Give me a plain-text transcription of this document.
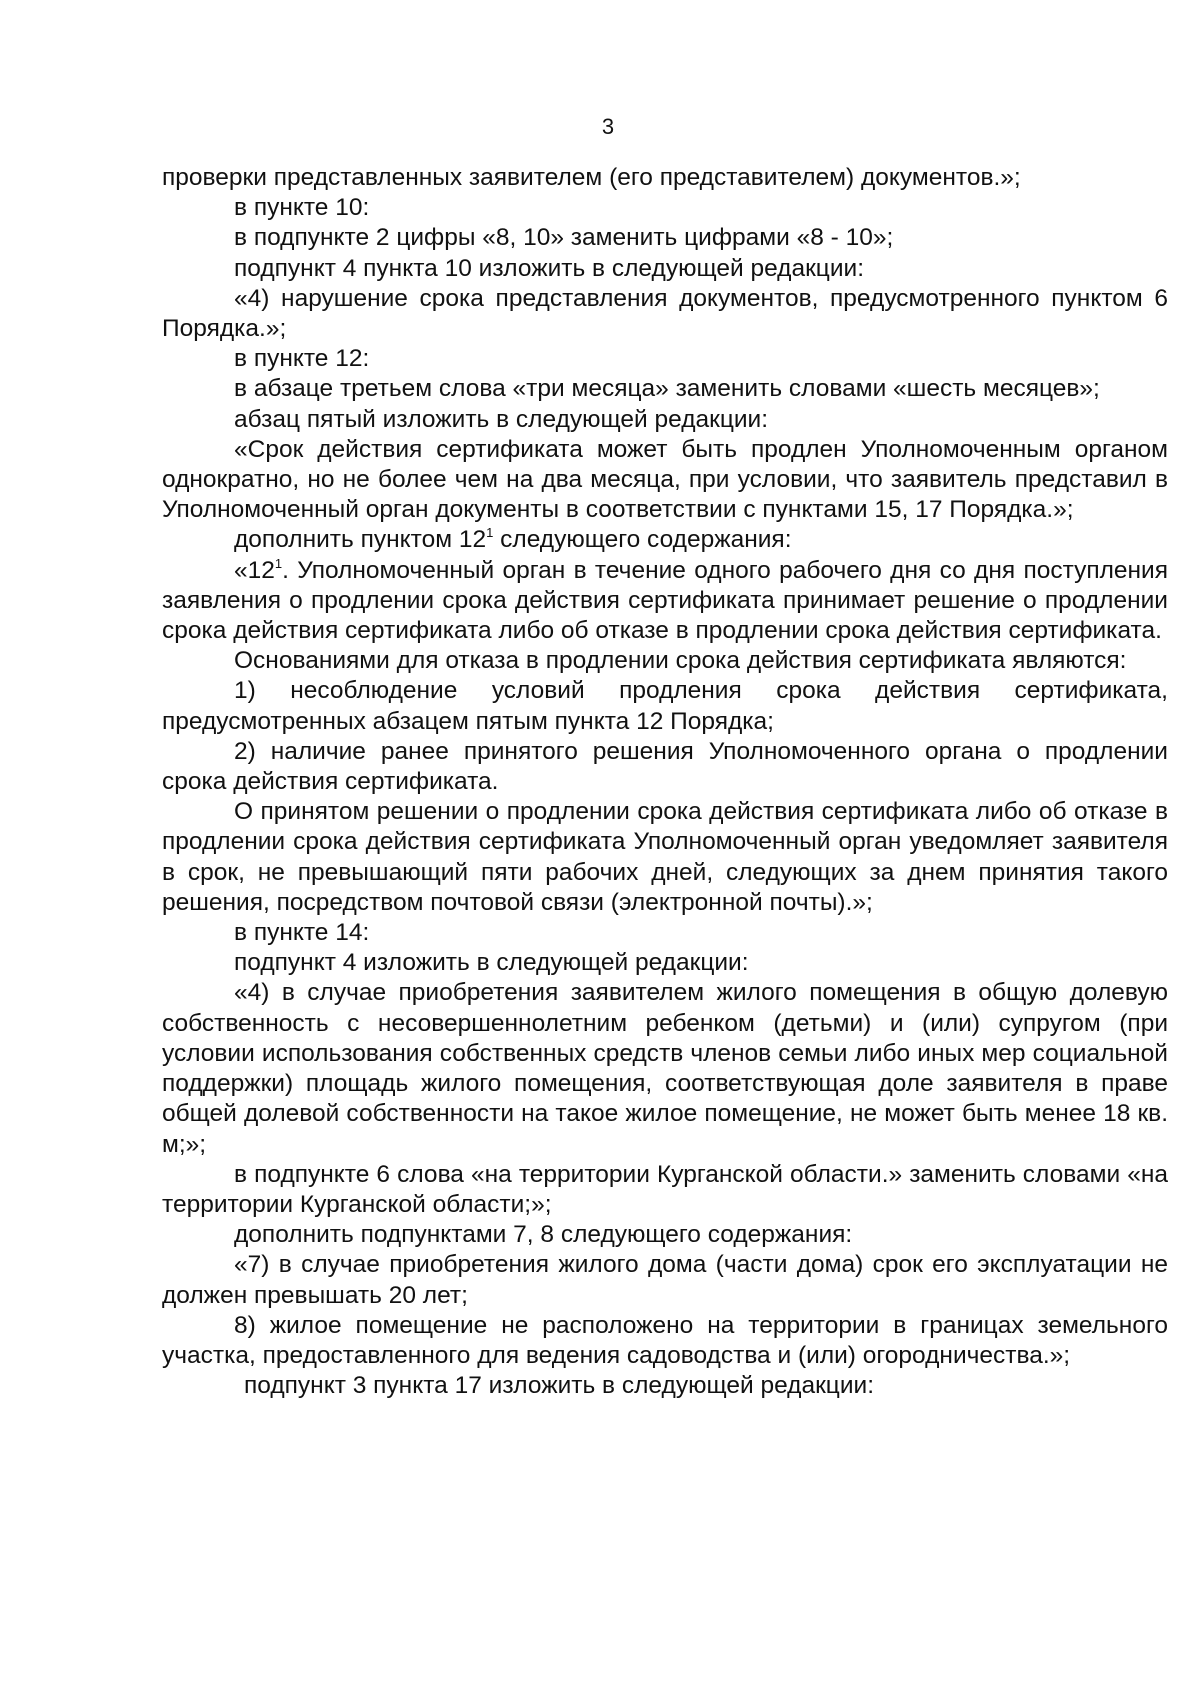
3

проверки представленных заявителем (его представителем) документов.»;

в пункте 10:

в подпункте 2 цифры «8, 10» заменить цифрами «8 - 10»;

подпункт 4 пункта 10 изложить в следующей редакции:

«4) нарушение срока представления документов, предусмотренного пунктом 6 Порядка.»;

в пункте 12:

в абзаце третьем слова «три месяца» заменить словами «шесть месяцев»;

абзац пятый изложить в следующей редакции:

«Срок действия сертификата может быть продлен Уполномоченным органом однократно, но не более чем на два месяца, при условии, что заявитель представил в Уполномоченный орган документы в соответствии с пунктами 15, 17 Порядка.»;

дополнить пунктом $12^1$ следующего содержания:

«$12^1$. Уполномоченный орган в течение одного рабочего дня со дня поступления заявления о продлении срока действия сертификата принимает решение о продлении срока действия сертификата либо об отказе в продлении срока действия сертификата.

Основаниями для отказа в продлении срока действия сертификата являются:

1) несоблюдение условий продления срока действия сертификата, предусмотренных абзацем пятым пункта 12 Порядка;

2) наличие ранее принятого решения Уполномоченного органа о продлении срока действия сертификата.

О принятом решении о продлении срока действия сертификата либо об отказе в продлении срока действия сертификата Уполномоченный орган уведомляет заявителя в срок, не превышающий пяти рабочих дней, следующих за днем принятия такого решения, посредством почтовой связи (электронной почты).»;

в пункте 14:

подпункт 4 изложить в следующей редакции:

«4) в случае приобретения заявителем жилого помещения в общую долевую собственность с несовершеннолетним ребенком (детьми) и (или) супругом (при условии использования собственных средств членов семьи либо иных мер социальной поддержки) площадь жилого помещения, соответствующая доле заявителя в праве общей долевой собственности на такое жилое помещение, не может быть менее 18 кв. м;»;

в подпункте 6 слова «на территории Курганской области.» заменить словами «на территории Курганской области;»;

дополнить подпунктами 7, 8 следующего содержания:

«7) в случае приобретения жилого дома (части дома) срок его эксплуатации не должен превышать 20 лет;

8) жилое помещение не расположено на территории в границах земельного участка, предоставленного для ведения садоводства и (или) огородничества.»;

подпункт 3 пункта 17 изложить в следующей редакции:
